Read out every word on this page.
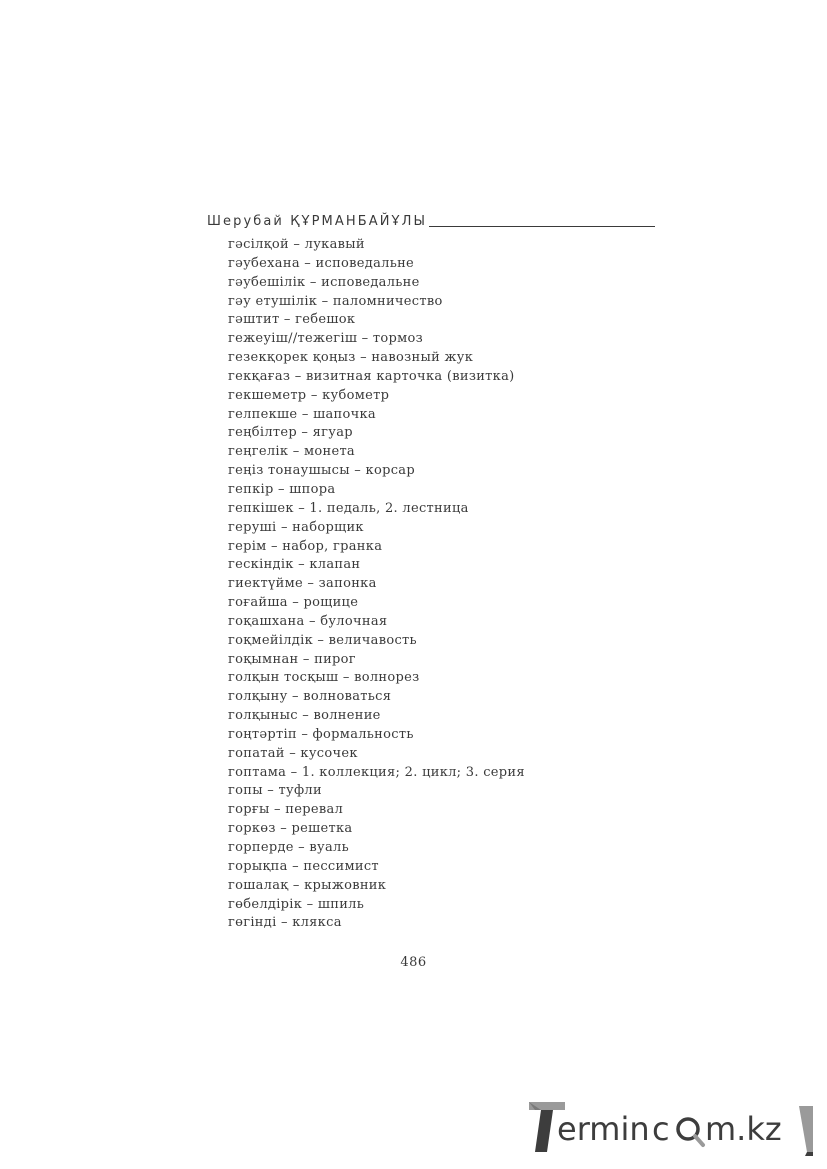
Шерубай ҚҰРМАНБАЙҰЛЫ
гәсілқой – лукавый
гәубехана – исповедальне
гәубешілік – исповедальне
гәу етушілік – паломничество
гәштит – гебешок
гежеуіш//тежегіш – тормоз
гезекқорек қоңыз – навозный жук
гекқағаз – визитная карточка (визитка)
гекшеметр – кубометр
гелпекше – шапочка
геңбілтер – ягуар
геңгелік – монета
геңіз тонаушысы – корсар
гепкір – шпора
гепкішек – 1. педаль, 2. лестница
геруші – наборщик
герім – набор, гранка
гескіндік – клапан
гиектүйме – запонка
гоғайша – рощице
гоқашхана – булочная
гоқмейілдік – величавость
гоқымнан – пирог
голқын тосқыш – волнорез
голқыну – волноваться
голқыныс – волнение
гоңтәртіп – формальность
гопатай – кусочек
гоптама – 1. коллекция; 2. цикл; 3. серия
гопы – туфли
горғы – перевал
горкөз – решетка
горперде – вуаль
горықпа – пессимист
гошалақ – крыжовник
гөбелдірік – шпиль
гөгінді – клякса
486
ermin c m.kz
